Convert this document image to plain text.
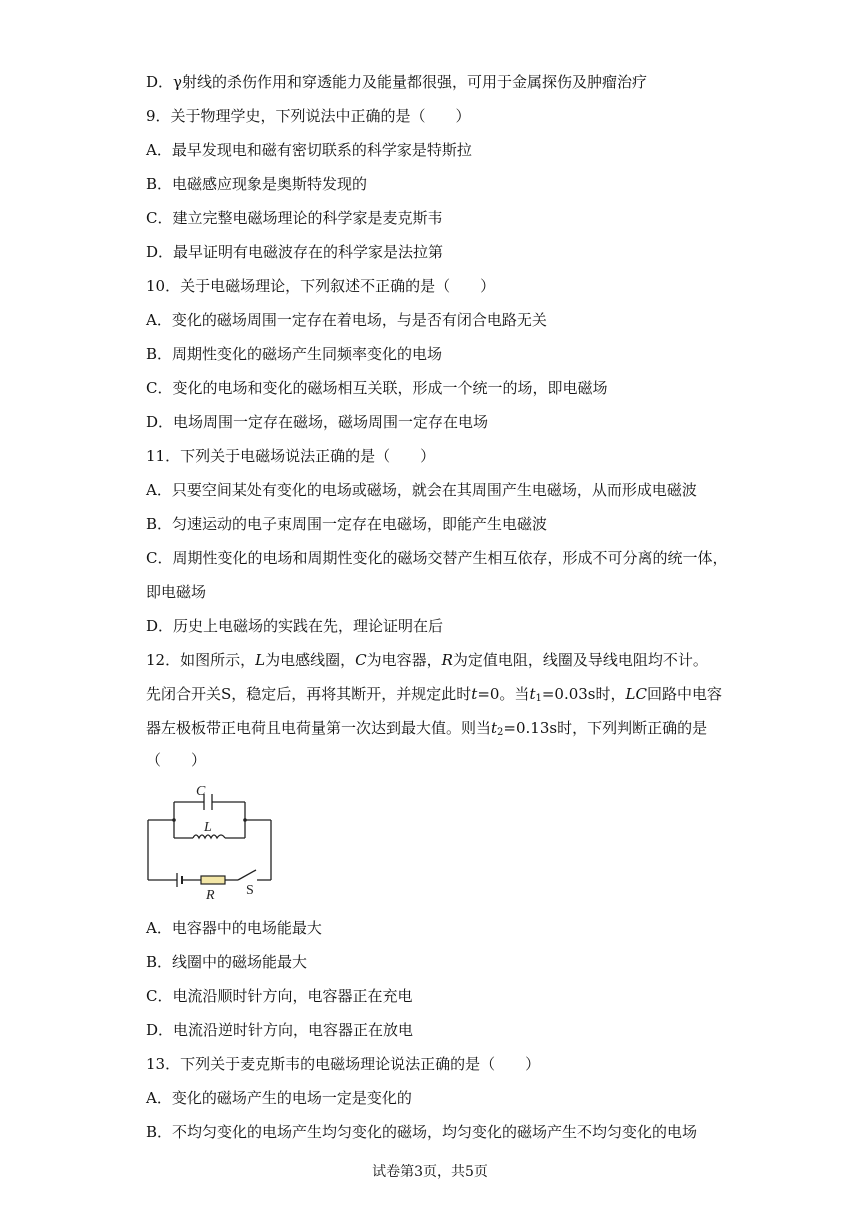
D．γ射线的杀伤作用和穿透能力及能量都很强，可用于金属探伤及肿瘤治疗
9．关于物理学史，下列说法中正确的是（　　）
A．最早发现电和磁有密切联系的科学家是特斯拉
B．电磁感应现象是奥斯特发现的
C．建立完整电磁场理论的科学家是麦克斯韦
D．最早证明有电磁波存在的科学家是法拉第
10．关于电磁场理论，下列叙述不正确的是（　　）
A．变化的磁场周围一定存在着电场，与是否有闭合电路无关
B．周期性变化的磁场产生同频率变化的电场
C．变化的电场和变化的磁场相互关联，形成一个统一的场，即电磁场
D．电场周围一定存在磁场，磁场周围一定存在电场
11．下列关于电磁场说法正确的是（　　）
A．只要空间某处有变化的电场或磁场，就会在其周围产生电磁场，从而形成电磁波
B．匀速运动的电子束周围一定存在电磁场，即能产生电磁波
C．周期性变化的电场和周期性变化的磁场交替产生相互依存，形成不可分离的统一体，
即电磁场
D．历史上电磁场的实践在先，理论证明在后
12．如图所示，L为电感线圈，C为电容器，R为定值电阻，线圈及导线电阻均不计。
先闭合开关S，稳定后，再将其断开，并规定此时t=0。当$t_1=0.03s$时，LC回路中电容
器左极板带正电荷且电荷量第一次达到最大值。则当$t_2=0.13s$时，下列判断正确的是
（　　）
C
L
R S
A．电容器中的电场能最大
B．线圈中的磁场能最大
C．电流沿顺时针方向，电容器正在充电
D．电流沿逆时针方向，电容器正在放电
13．下列关于麦克斯韦的电磁场理论说法正确的是（　　）
A．变化的磁场产生的电场一定是变化的
B．不均匀变化的电场产生均匀变化的磁场，均匀变化的磁场产生不均匀变化的电场
试卷第3页，共5页
